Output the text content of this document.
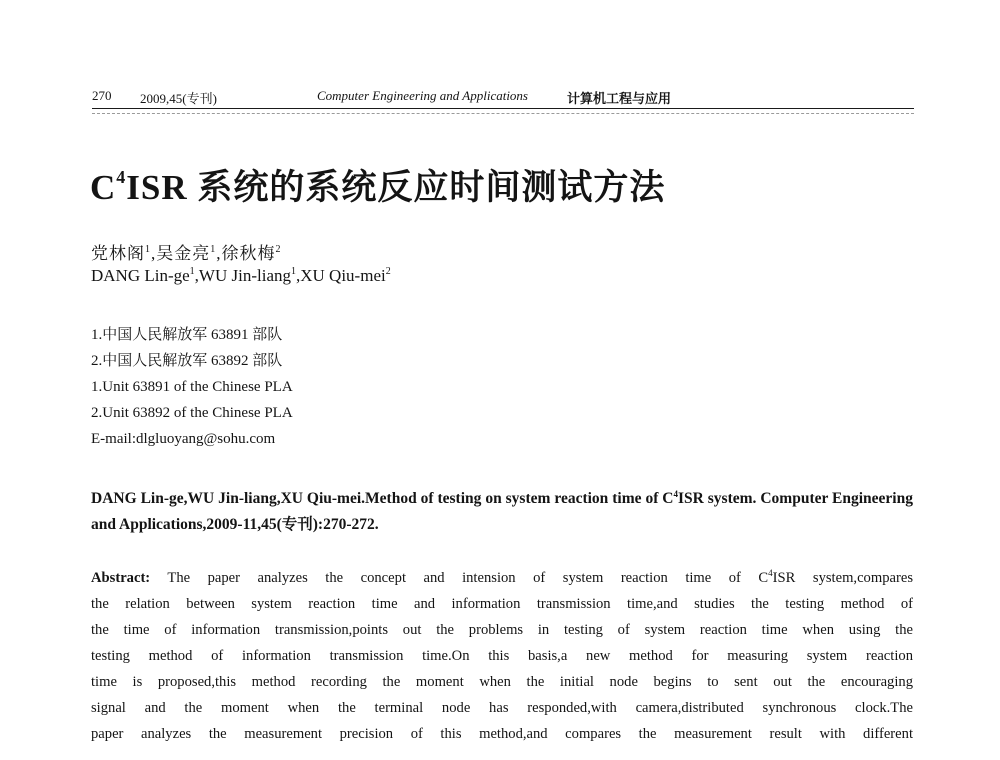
270 2009,45(专刊)	Computer Engineering and Applications	计算机工程与应用
$C^4ISR$ 系统的系统反应时间测试方法
党林阁$^1$,吴金亮$^1$,徐秋梅$^2$
DANG Lin-$ge^1,WU$ Jin-liang$^1$,XU Qiu-mei$^2$
1.中国人民解放军 63891 部队
2.中国人民解放军 63892 部队
1.Unit 63891 of the Chinese PLA
2.Unit 63892 of the Chinese PLA
E-mail:dlgluoyang@sohu.com
DANG Lin-ge,WU Jin-liang,XU Qiu-mei.Method of testing on system reaction time of $C^4ISR$ system. Computer Engineering and Applications,2009-11,45(专刊):270-272.
Abstract: The paper analyzes the concept and intension of system reaction time of $C^4ISR$ system,compares
the relation between system reaction time and information transmission time,and studies the testing method of
the time of information transmission,points out the problems in testing of system reaction time when using the
testing method of information transmission time.On this basis,a new method for measuring system reaction
time is proposed,this method recording the moment when the initial node begins to sent out the encouraging
signal and the moment when the terminal node has responded,with camera,distributed synchronous clock.The
paper analyzes the measurement precision of this method,and compares the measurement result with different
